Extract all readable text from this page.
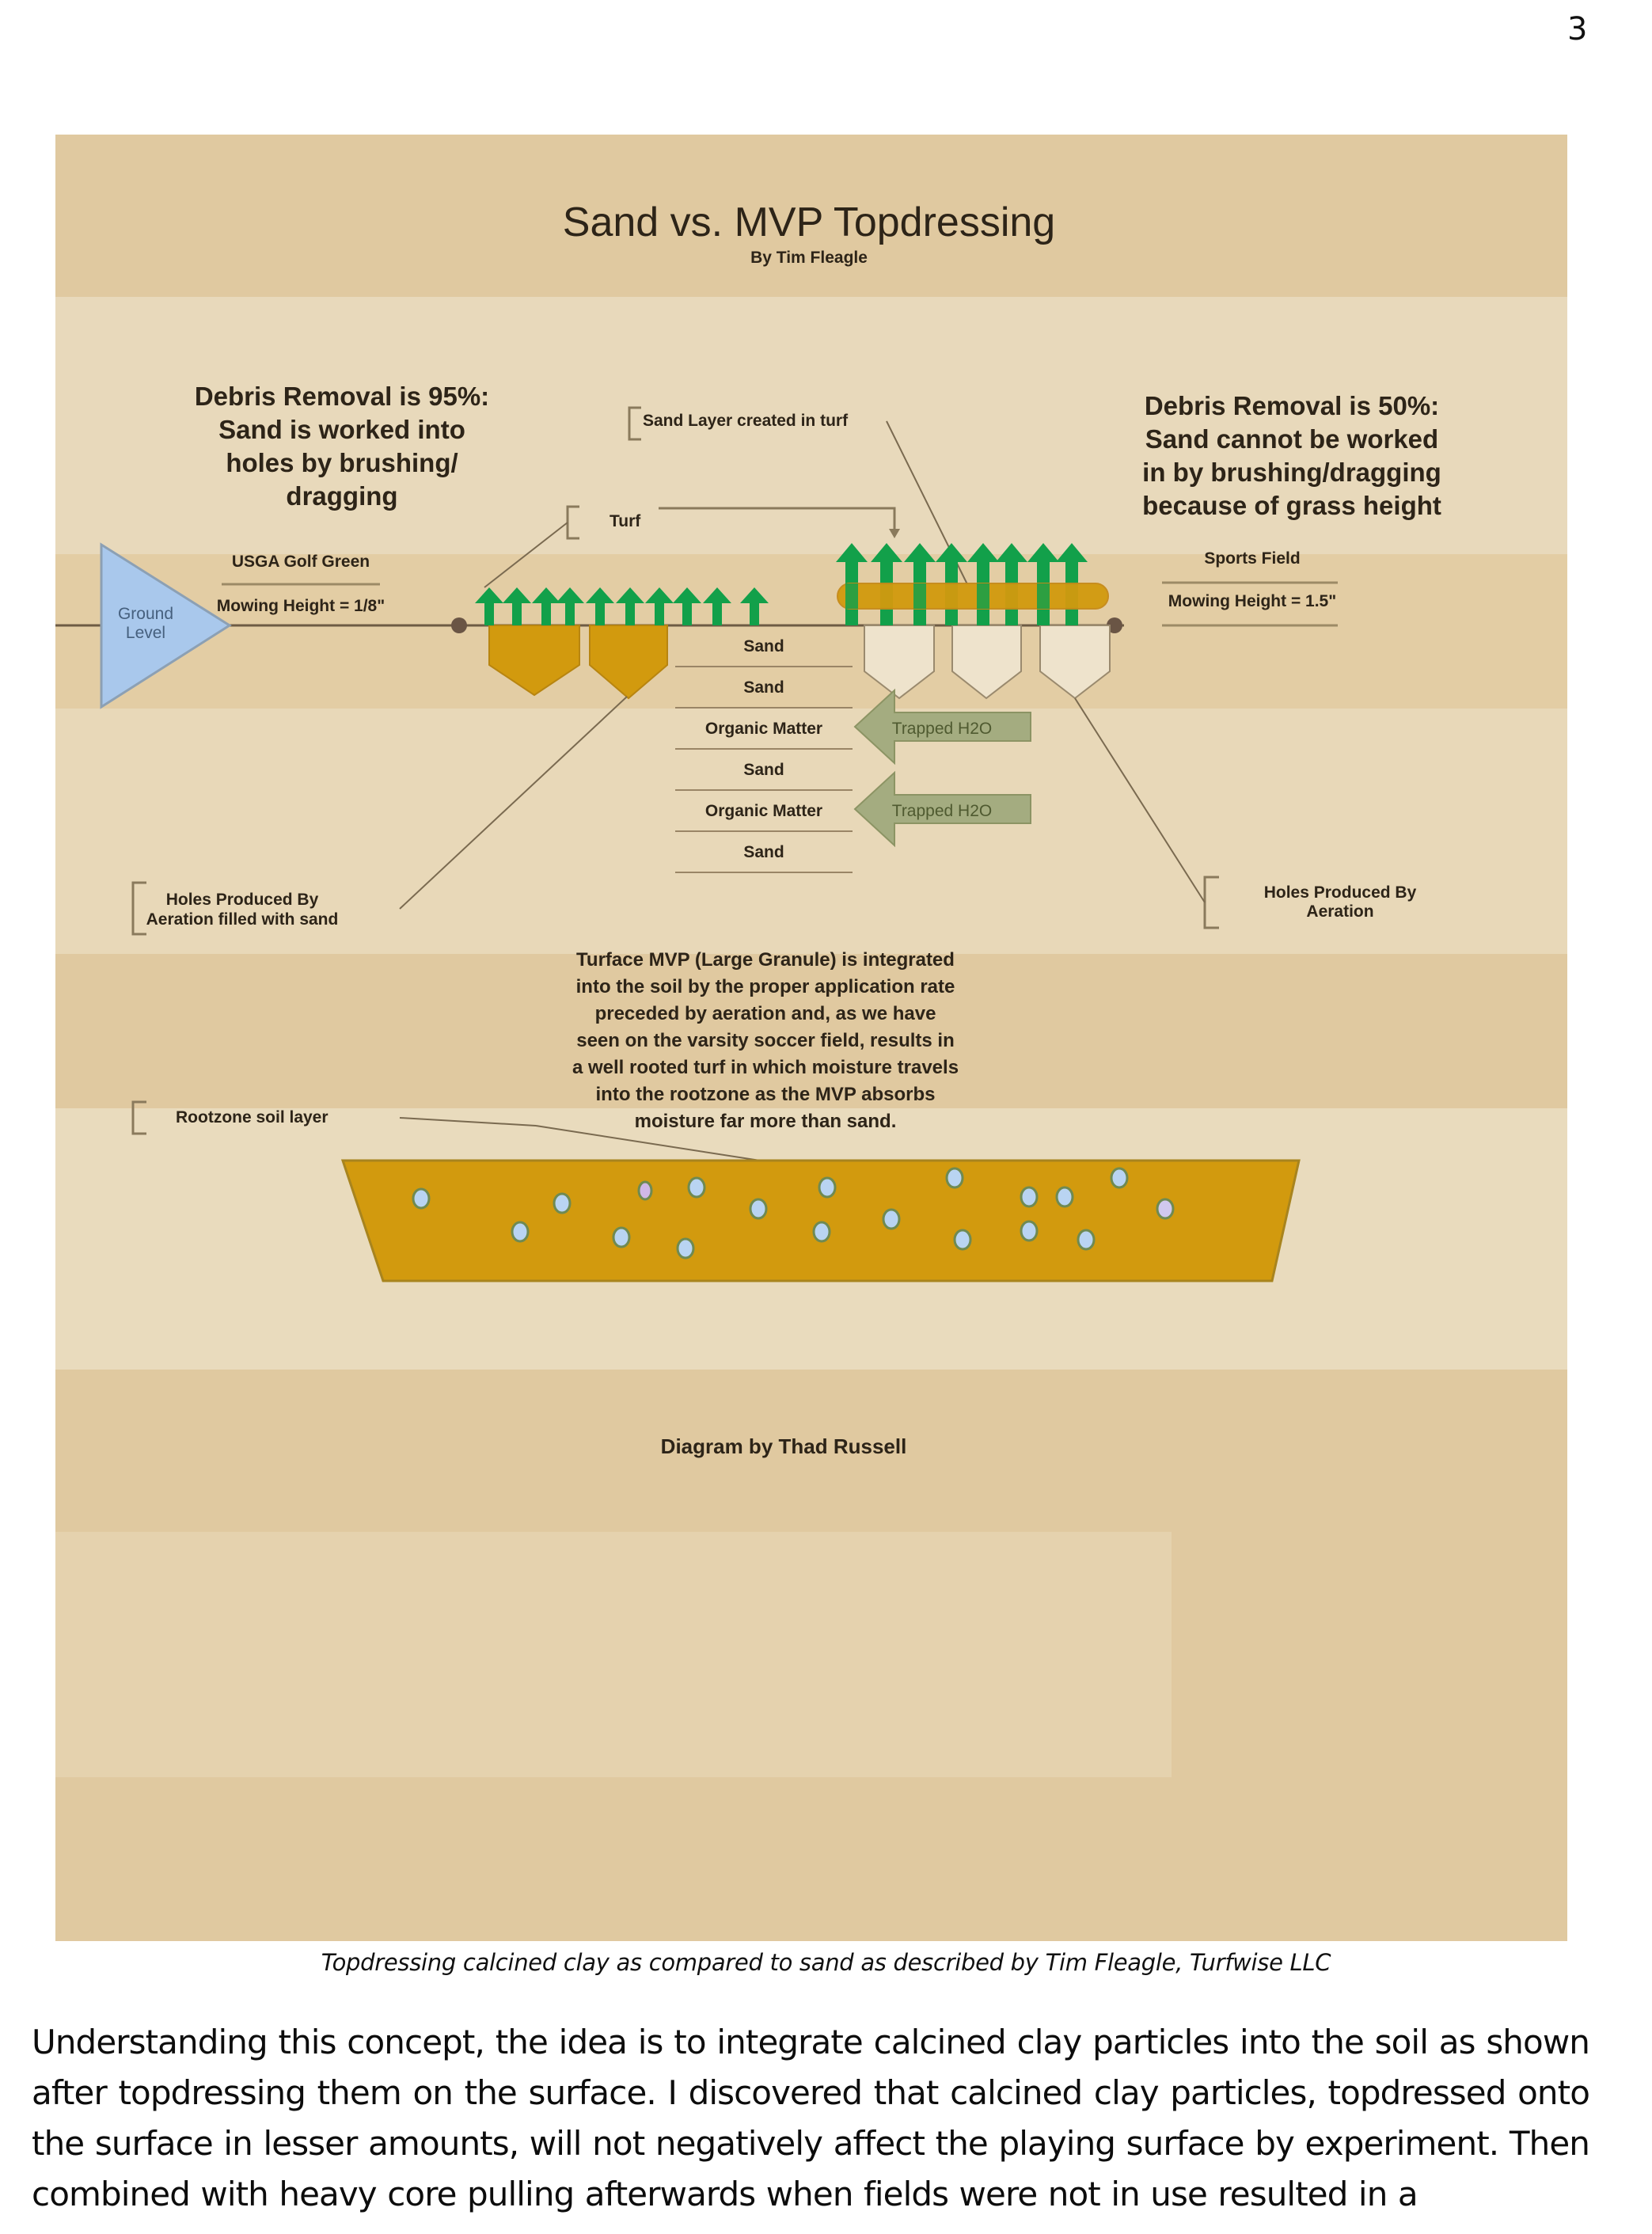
3
Sand vs. MVP Topdressing
By Tim Fleagle
Debris Removal is 95%:
Sand is worked into
holes by brushing/
dragging
Debris Removal is 50%:
Sand cannot be worked
in by brushing/dragging
because of grass height
Sand Layer created in turf
Turf
Ground
Level
USGA Golf Green
Mowing Height = 1/8"
Sports Field
Mowing Height = 1.5"
Sand
Sand
Organic Matter
Sand
Organic Matter
Sand
Trapped H2O
Trapped H2O
Holes Produced By
Aeration filled with sand
Holes Produced By
Aeration
Turface MVP (Large Granule) is integrated
into the soil by the proper application rate
preceded by aeration and, as we have
seen on the varsity soccer field, results in
a well rooted turf in which moisture travels
into the rootzone as the MVP absorbs
moisture far more than sand.
Rootzone soil layer
Diagram by Thad Russell
Topdressing calcined clay as compared to sand as described by Tim Fleagle, Turfwise LLC
Understanding this concept, the idea is to integrate calcined clay particles into the soil as shown after topdressing them on the surface. I discovered that calcined clay particles, topdressed onto the surface in lesser amounts, will not negatively affect the playing surface by experiment. Then combined with heavy core pulling afterwards when fields were not in use resulted in a
